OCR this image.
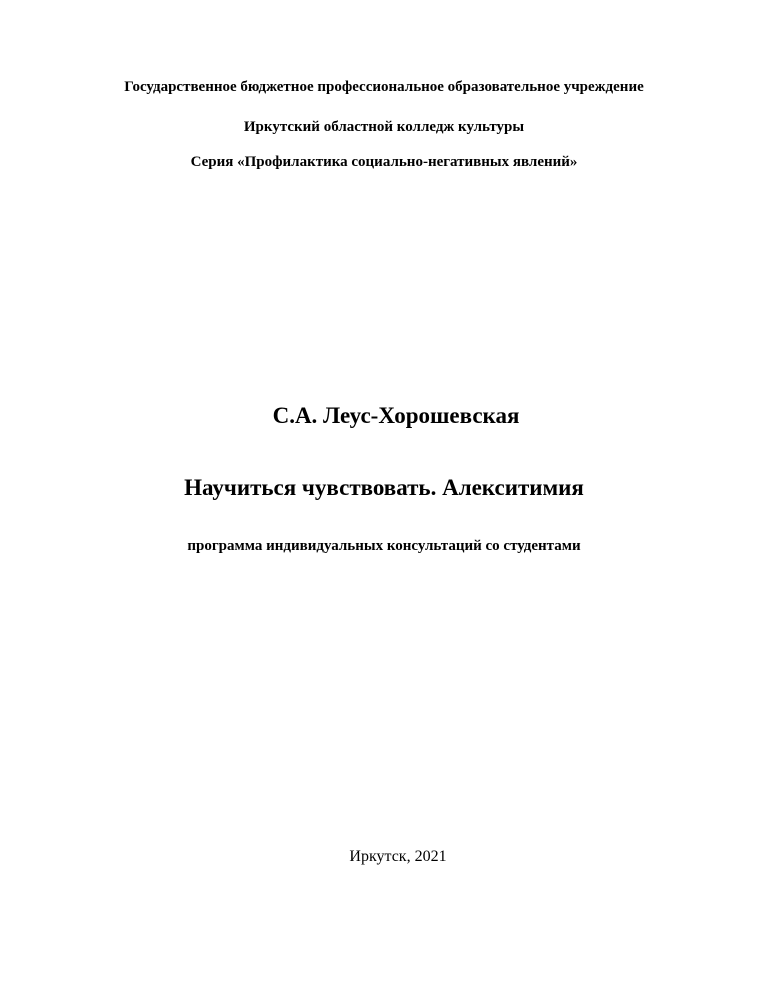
Государственное бюджетное профессиональное образовательное учреждение
Иркутский областной колледж культуры
Серия «Профилактика социально-негативных явлений»
С.А. Леус-Хорошевская
Научиться чувствовать. Алекситимия
программа индивидуальных консультаций со студентами
Иркутск, 2021
